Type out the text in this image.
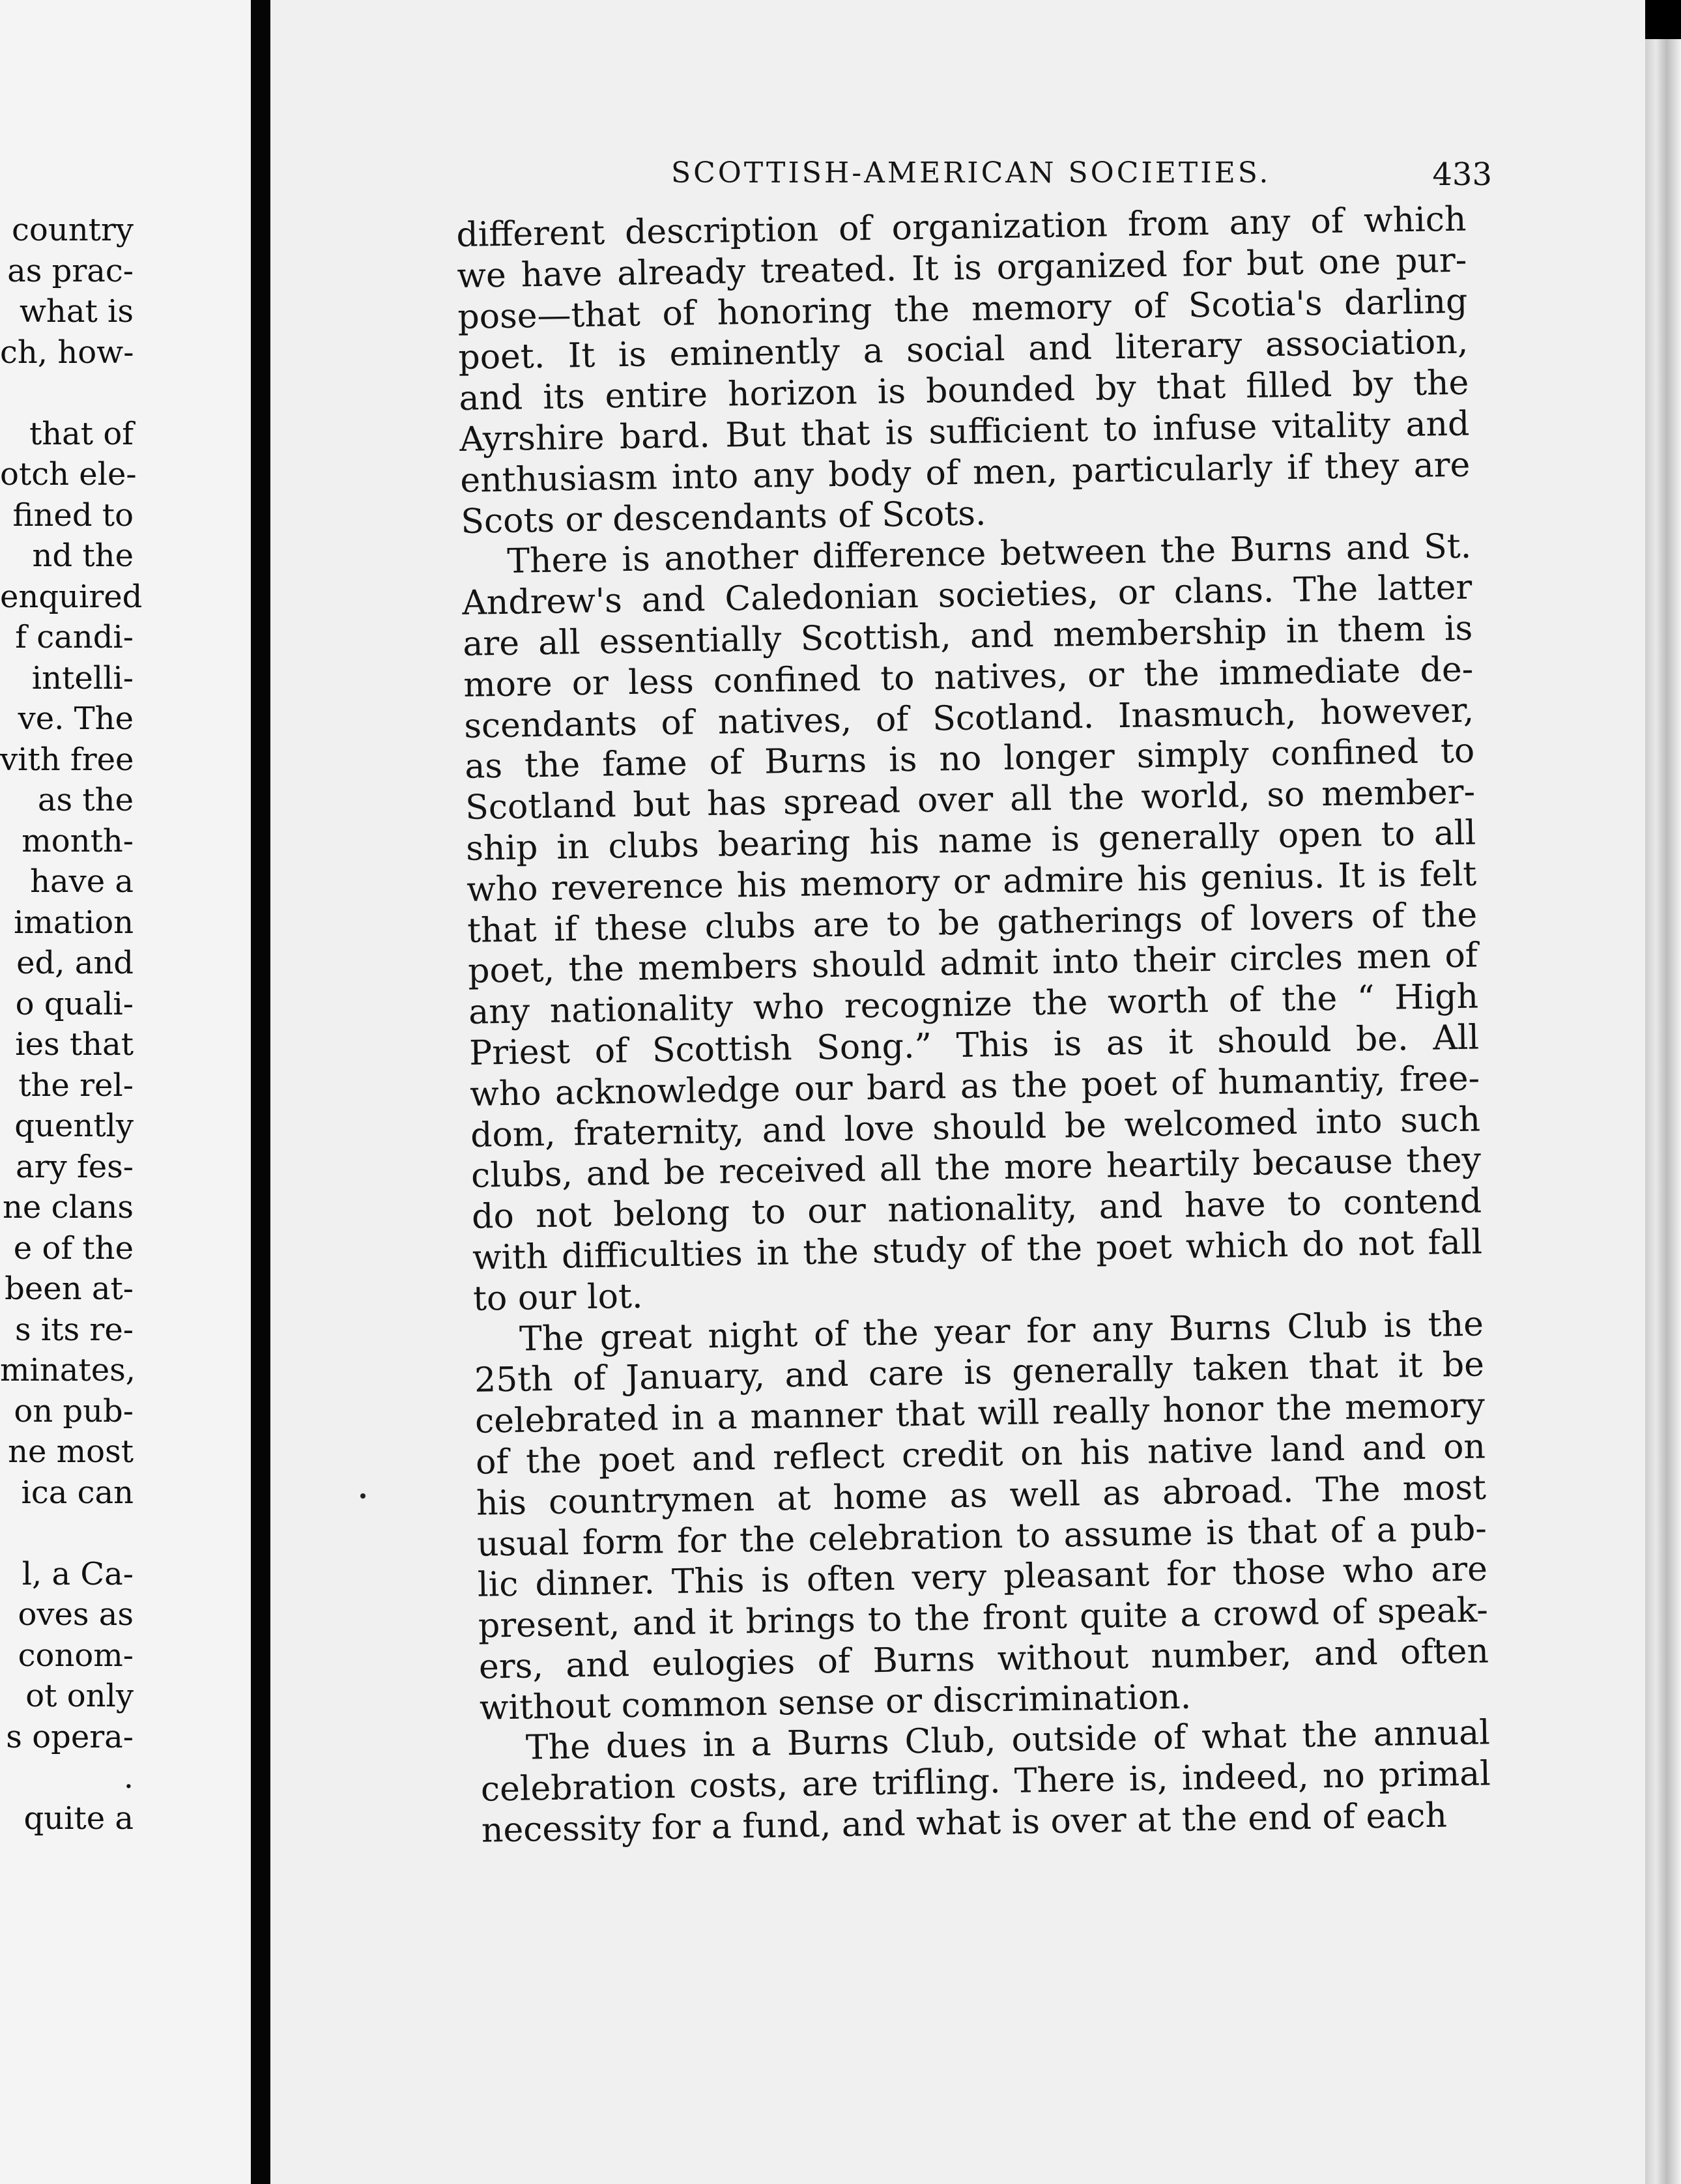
country
as prac-
what is
ch, how-
that of
otch ele-
fined to
nd the
enquired
f candi-
intelli-
ve. The
vith free
as the
month-
have a
imation
ed, and
o quali-
ies that
the rel-
quently
ary fes-
ne clans
e of the
been at-
s its re-
minates,
on pub-
ne most
ica can
l, a Ca-
oves as
conom-
ot only
s opera-
.
quite a
SCOTTISH-AMERICAN SOCIETIES.	433
different description of organization from any of which
we have already treated. It is organized for but one pur-
pose—that of honoring the memory of Scotia's darling
poet. It is eminently a social and literary association,
and its entire horizon is bounded by that filled by the
Ayrshire bard. But that is sufficient to infuse vitality and
enthusiasm into any body of men, particularly if they are
Scots or descendants of Scots.
There is another difference between the Burns and St.
Andrew's and Caledonian societies, or clans. The latter
are all essentially Scottish, and membership in them is
more or less confined to natives, or the immediate de-
scendants of natives, of Scotland. Inasmuch, however,
as the fame of Burns is no longer simply confined to
Scotland but has spread over all the world, so member-
ship in clubs bearing his name is generally open to all
who reverence his memory or admire his genius. It is felt
that if these clubs are to be gatherings of lovers of the
poet, the members should admit into their circles men of
any nationality who recognize the worth of the “ High
Priest of Scottish Song.” This is as it should be. All
who acknowledge our bard as the poet of humantiy, free-
dom, fraternity, and love should be welcomed into such
clubs, and be received all the more heartily because they
do not belong to our nationality, and have to contend
with difficulties in the study of the poet which do not fall
to our lot.
The great night of the year for any Burns Club is the
25th of January, and care is generally taken that it be
celebrated in a manner that will really honor the memory
of the poet and reflect credit on his native land and on
his countrymen at home as well as abroad. The most
usual form for the celebration to assume is that of a pub-
lic dinner. This is often very pleasant for those who are
present, and it brings to the front quite a crowd of speak-
ers, and eulogies of Burns without number, and often
without common sense or discrimination.
The dues in a Burns Club, outside of what the annual
celebration costs, are trifling. There is, indeed, no primal
necessity for a fund, and what is over at the end of each
